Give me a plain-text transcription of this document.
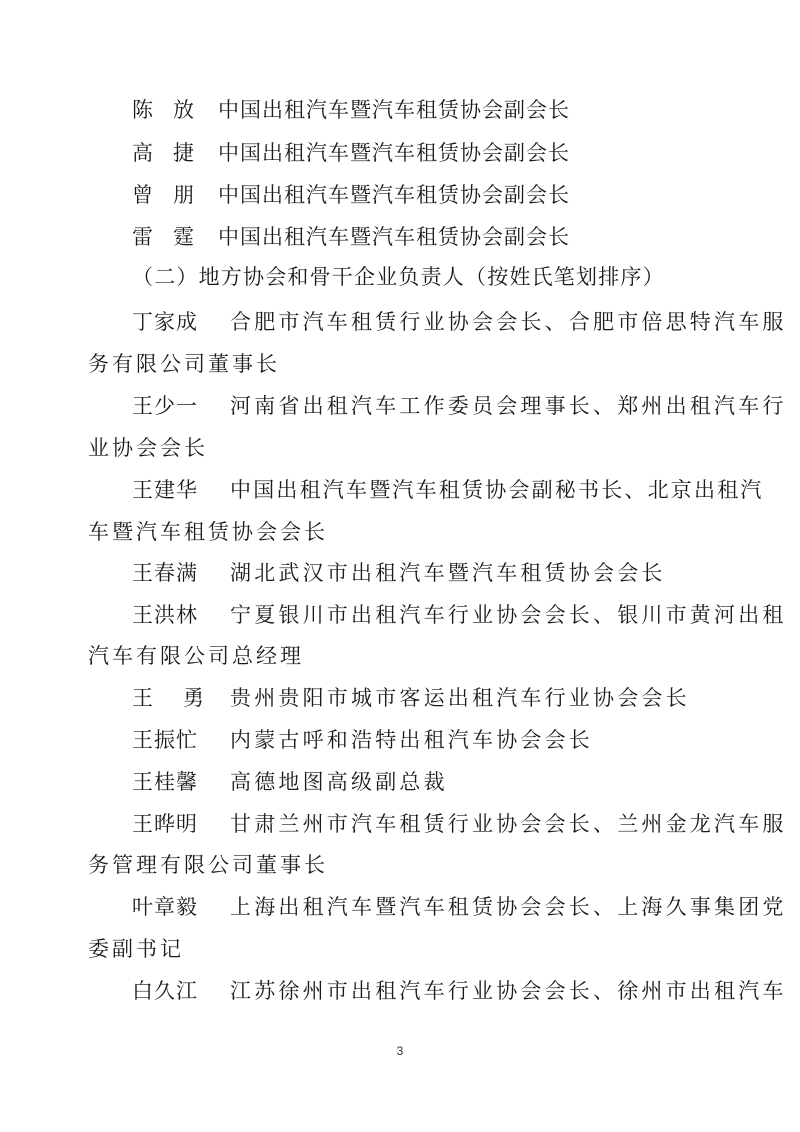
陈放 中国出租汽车暨汽车租赁协会副会长
高捷 中国出租汽车暨汽车租赁协会副会长
曾朋 中国出租汽车暨汽车租赁协会副会长
雷霆 中国出租汽车暨汽车租赁协会副会长
（二）地方协会和骨干企业负责人（按姓氏笔划排序）
丁家成 合肥市汽车租赁行业协会会长、合肥市倍思特汽车服
务有限公司董事长
王少一 河南省出租汽车工作委员会理事长、郑州出租汽车行
业协会会长
王建华 中国出租汽车暨汽车租赁协会副秘书长、北京出租汽
车暨汽车租赁协会会长
王春满 湖北武汉市出租汽车暨汽车租赁协会会长
王洪林 宁夏银川市出租汽车行业协会会长、银川市黄河出租
汽车有限公司总经理
王勇
贵州贵阳市城市客运出租汽车行业协会会长
王振忙 内蒙古呼和浩特出租汽车协会会长
王桂馨 高德地图高级副总裁
王晔明 甘肃兰州市汽车租赁行业协会会长、兰州金龙汽车服
务管理有限公司董事长
叶章毅 上海出租汽车暨汽车租赁协会会长、上海久事集团党
委副书记
白久江 江苏徐州市出租汽车行业协会会长、徐州市出租汽车
3
